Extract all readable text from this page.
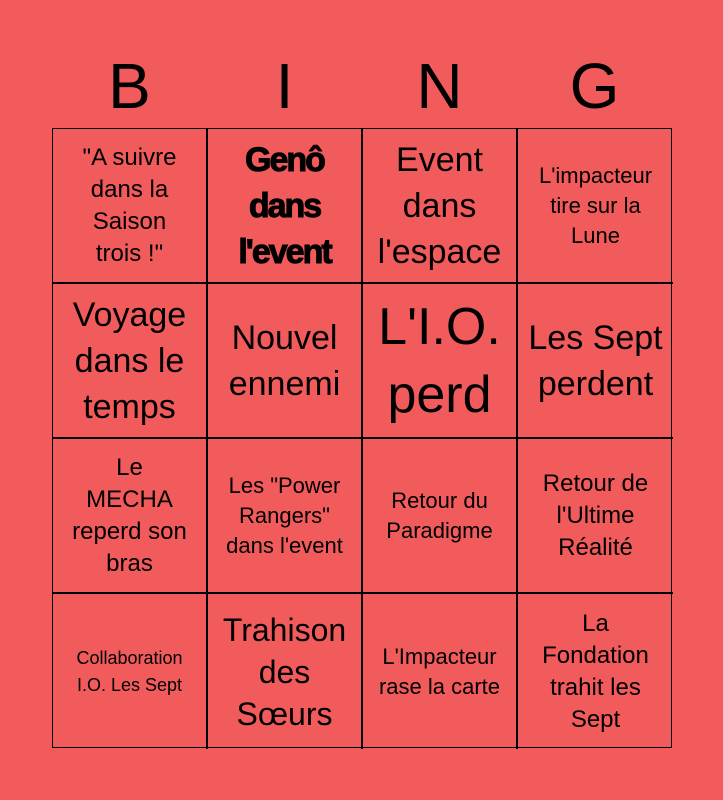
B	I	N	G
"A suivre dans la Saison trois !"
Genô dans l'event
Event dans l'espace
L'impacteur tire sur la Lune
Voyage dans le temps
Nouvel ennemi
L'I.O. perd
Les Sept perdent
Le MECHA reperd son bras
Les "Power Rangers" dans l'event
Retour du Paradigme
Retour de l'Ultime Réalité
Collaboration I.O. Les Sept
Trahison des Sœurs
L'Impacteur rase la carte
La Fondation trahit les Sept
